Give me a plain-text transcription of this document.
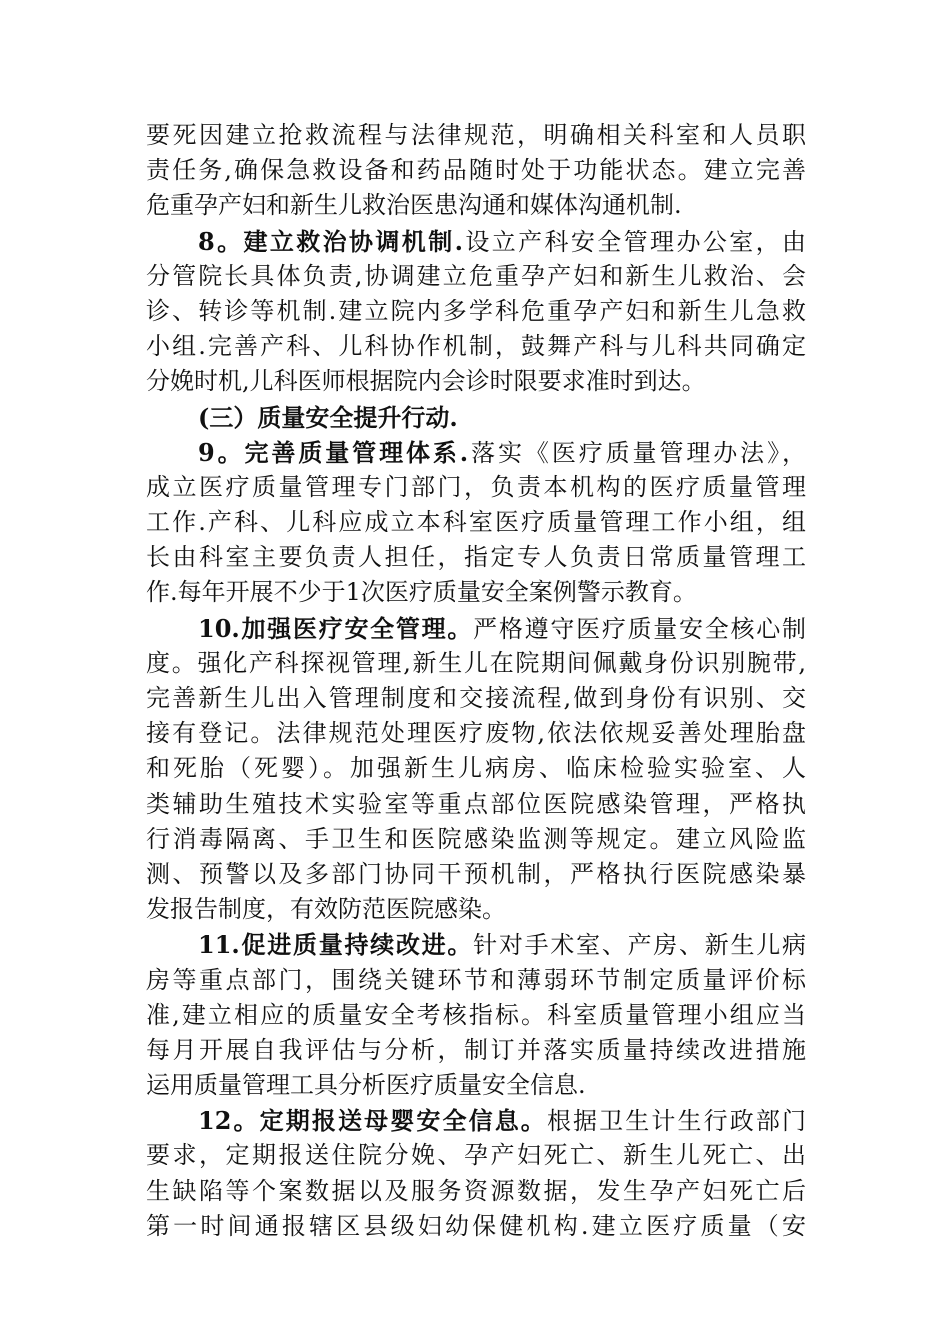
要死因建立抢救流程与法律规范，明确相关科室和人员职
责任务,确保急救设备和药品随时处于功能状态。建立完善
危重孕产妇和新生儿救治医患沟通和媒体沟通机制.
8。建立救治协调机制.设立产科安全管理办公室，由
分管院长具体负责,协调建立危重孕产妇和新生儿救治、会
诊、转诊等机制.建立院内多学科危重孕产妇和新生儿急救
小组.完善产科、儿科协作机制，鼓舞产科与儿科共同确定
分娩时机,儿科医师根据院内会诊时限要求准时到达。
(三）质量安全提升行动.
9。完善质量管理体系.落实《医疗质量管理办法》，
成立医疗质量管理专门部门，负责本机构的医疗质量管理
工作.产科、儿科应成立本科室医疗质量管理工作小组，组
长由科室主要负责人担任，指定专人负责日常质量管理工
作.每年开展不少于1次医疗质量安全案例警示教育。
10.加强医疗安全管理。严格遵守医疗质量安全核心制
度。强化产科探视管理,新生儿在院期间佩戴身份识别腕带,
完善新生儿出入管理制度和交接流程,做到身份有识别、交
接有登记。法律规范处理医疗废物,依法依规妥善处理胎盘
和死胎（死婴）。加强新生儿病房、临床检验实验室、人
类辅助生殖技术实验室等重点部位医院感染管理，严格执
行消毒隔离、手卫生和医院感染监测等规定。建立风险监
测、预警以及多部门协同干预机制，严格执行医院感染暴
发报告制度，有效防范医院感染。
11.促进质量持续改进。针对手术室、产房、新生儿病
房等重点部门，围绕关键环节和薄弱环节制定质量评价标
准,建立相应的质量安全考核指标。科室质量管理小组应当
每月开展自我评估与分析，制订并落实质量持续改进措施
运用质量管理工具分析医疗质量安全信息.
12。定期报送母婴安全信息。根据卫生计生行政部门
要求，定期报送住院分娩、孕产妇死亡、新生儿死亡、出
生缺陷等个案数据以及服务资源数据，发生孕产妇死亡后
第一时间通报辖区县级妇幼保健机构.建立医疗质量（安
